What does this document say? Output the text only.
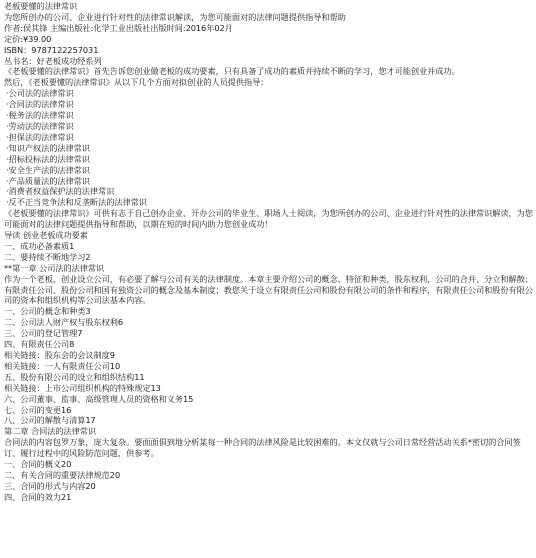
老板要懂的法律常识
为您所创办的公司、企业进行针对性的法律常识解读，为您可能面对的法律问题提供指导和帮助
作者:侯其锋 主编出版社:化学工业出版社出版时间:2016年02月
定价:¥39.00
ISBN：9787122257031
丛书名：好老板成功经系列
《老板要懂的法律常识》首先告诉您创业做老板的成功要素，只有具备了成功的素质并持续不断的学习，您才可能创业并成功。
然后，《老板要懂的法律常识》从以下几个方面对拟创业的人员提供指导：
·公司法的法律常识
·合同法的法律常识
·税务法的法律常识
·劳动法的法律常识
·担保法的法律常识
·知识产权法的法律常识
·招标投标法的法律常识
·安全生产法的法律常识
·产品质量法的法律常识
·消费者权益保护法的法律常识
·反不正当竞争法和反垄断法的法律常识
《老板要懂的法律常识》可供有志于自己创办企业、开办公司的毕业生、职场人士阅读，为您所创办的公司、企业进行针对性的法律常识解读，为您可能面对的法律问题提供指导和帮助，以期在短的时间内助力您创业成功！
导读 创业老板成功要素
一、成功必备素质1
二、要持续不断地学习2
**第一章 公司法的法律常识
作为一个老板，创业设立公司，有必要了解与公司有关的法律制度。本章主要介绍公司的概念、特征和种类，股东权利，公司的合并、分立和解散；有限责任公司、股份公司和国有独资公司的概念及基本制度；教您关于设立有限责任公司和股份有限公司的条件和程序，有限责任公司和股份有限公司的资本和组织机构等公司法基本内容。
一、公司的概念和种类3
二、公司法人财产权与股东权利6
三、公司的登记管理7
四、有限责任公司8
相关链接：股东会的会议制度9
相关链接：一人有限责任公司10
五、股份有限公司的设立和组织结构11
相关链接：上市公司组织机构的特殊规定13
六、公司董事、监事、高级管理人员的资格和义务15
七、公司的变更16
八、公司的解散与清算17
第二章 合同法的法律常识
合同法的内容包罗万象，庞大复杂。要面面俱到地分析某每一种合同的法律风险是比较困难的。本文仅就与公司日常经营活动关系*密切的合同签订、履行过程中的风险防范问题，供参考。
一、合同的概义20
二、有关合同的重要法律规范20
三、合同的形式与内容20
四、合同的效力21
